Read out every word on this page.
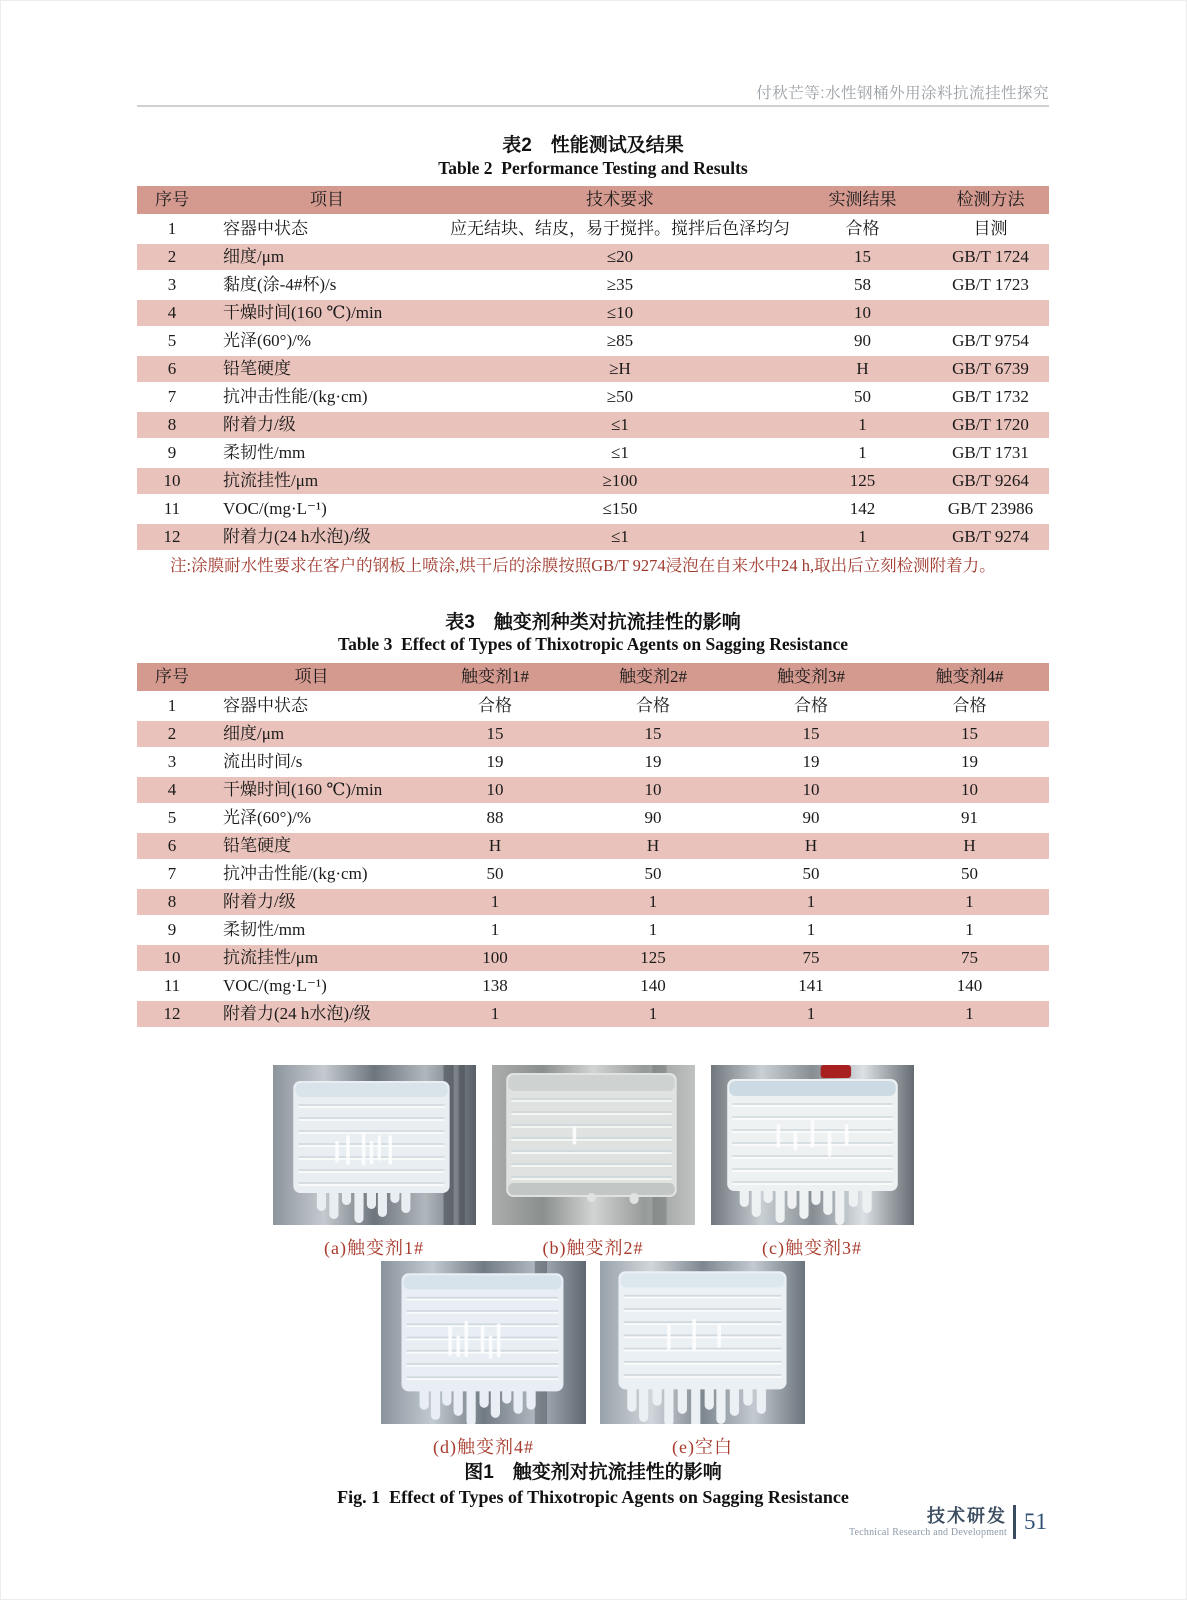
付秋芒等:水性钢桶外用涂料抗流挂性探究
表2　性能测试及结果
Table 2  Performance Testing and Results
序号	项目	技术要求	实测结果	检测方法
1	容器中状态	应无结块、结皮，易于搅拌。搅拌后色泽均匀	合格	目测
2	细度/μm	≤20	15	GB/T 1724
3	黏度(涂-4#杯)/s	≥35	58	GB/T 1723
4	干燥时间(160 ℃)/min	≤10	10	
5	光泽(60°)/%	≥85	90	GB/T 9754
6	铅笔硬度	≥H	H	GB/T 6739
7	抗冲击性能/(kg·cm)	≥50	50	GB/T 1732
8	附着力/级	≤1	1	GB/T 1720
9	柔韧性/mm	≤1	1	GB/T 1731
10	抗流挂性/μm	≥100	125	GB/T 9264
11	VOC/(mg·L⁻¹)	≤150	142	GB/T 23986
12	附着力(24 h水泡)/级	≤1	1	GB/T 9274
注:涂膜耐水性要求在客户的钢板上喷涂,烘干后的涂膜按照GB/T 9274浸泡在自来水中24 h,取出后立刻检测附着力。
表3　触变剂种类对抗流挂性的影响
Table 3  Effect of Types of Thixotropic Agents on Sagging Resistance
序号	项目	触变剂1#	触变剂2#	触变剂3#	触变剂4#
1	容器中状态	合格	合格	合格	合格
2	细度/μm	15	15	15	15
3	流出时间/s	19	19	19	19
4	干燥时间(160 ℃)/min	10	10	10	10
5	光泽(60°)/%	88	90	90	91
6	铅笔硬度	H	H	H	H
7	抗冲击性能/(kg·cm)	50	50	50	50
8	附着力/级	1	1	1	1
9	柔韧性/mm	1	1	1	1
10	抗流挂性/μm	100	125	75	75
11	VOC/(mg·L⁻¹)	138	140	141	140
12	附着力(24 h水泡)/级	1	1	1	1
(a)触变剂1#	(b)触变剂2#	(c)触变剂3#
(d)触变剂4#	(e)空白
图1　触变剂对抗流挂性的影响
Fig. 1  Effect of Types of Thixotropic Agents on Sagging Resistance
技术研发
Technical Research and Development 51
